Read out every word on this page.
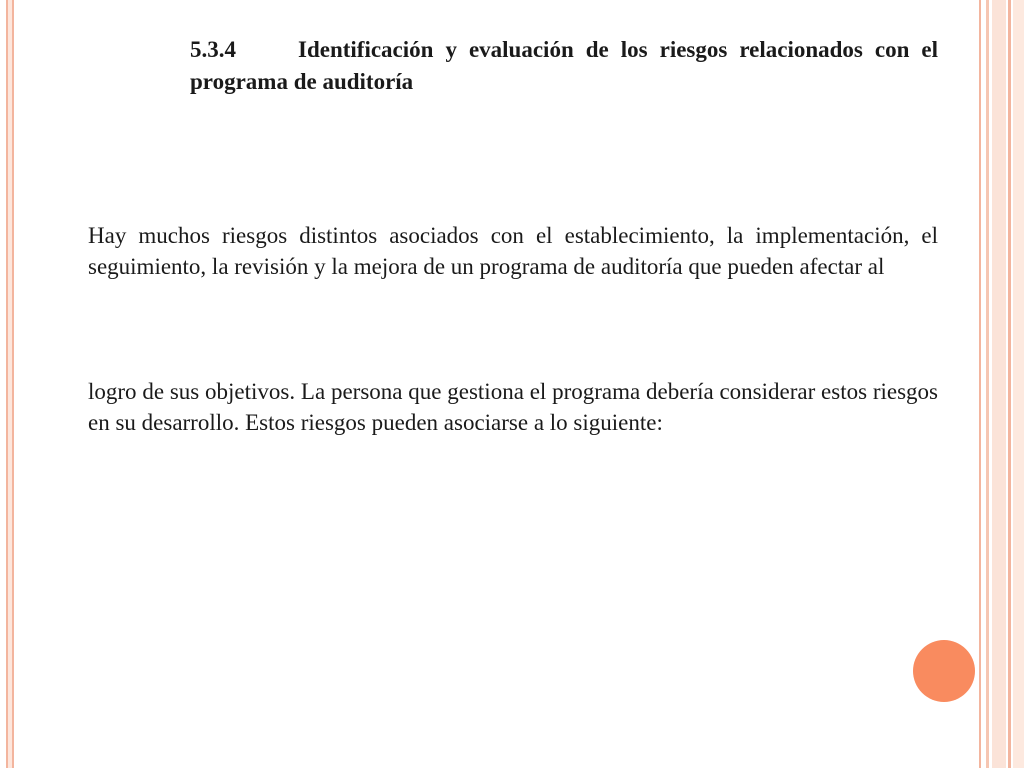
5.3.4	Identificación y evaluación de los riesgos relacionados con el programa de auditoría

Hay muchos riesgos distintos asociados con el establecimiento, la implementación, el seguimiento, la revisión y la mejora de un programa de auditoría que pueden afectar al

logro de sus objetivos. La persona que gestiona el programa debería considerar estos riesgos en su desarrollo. Estos riesgos pueden asociarse a lo siguiente:
